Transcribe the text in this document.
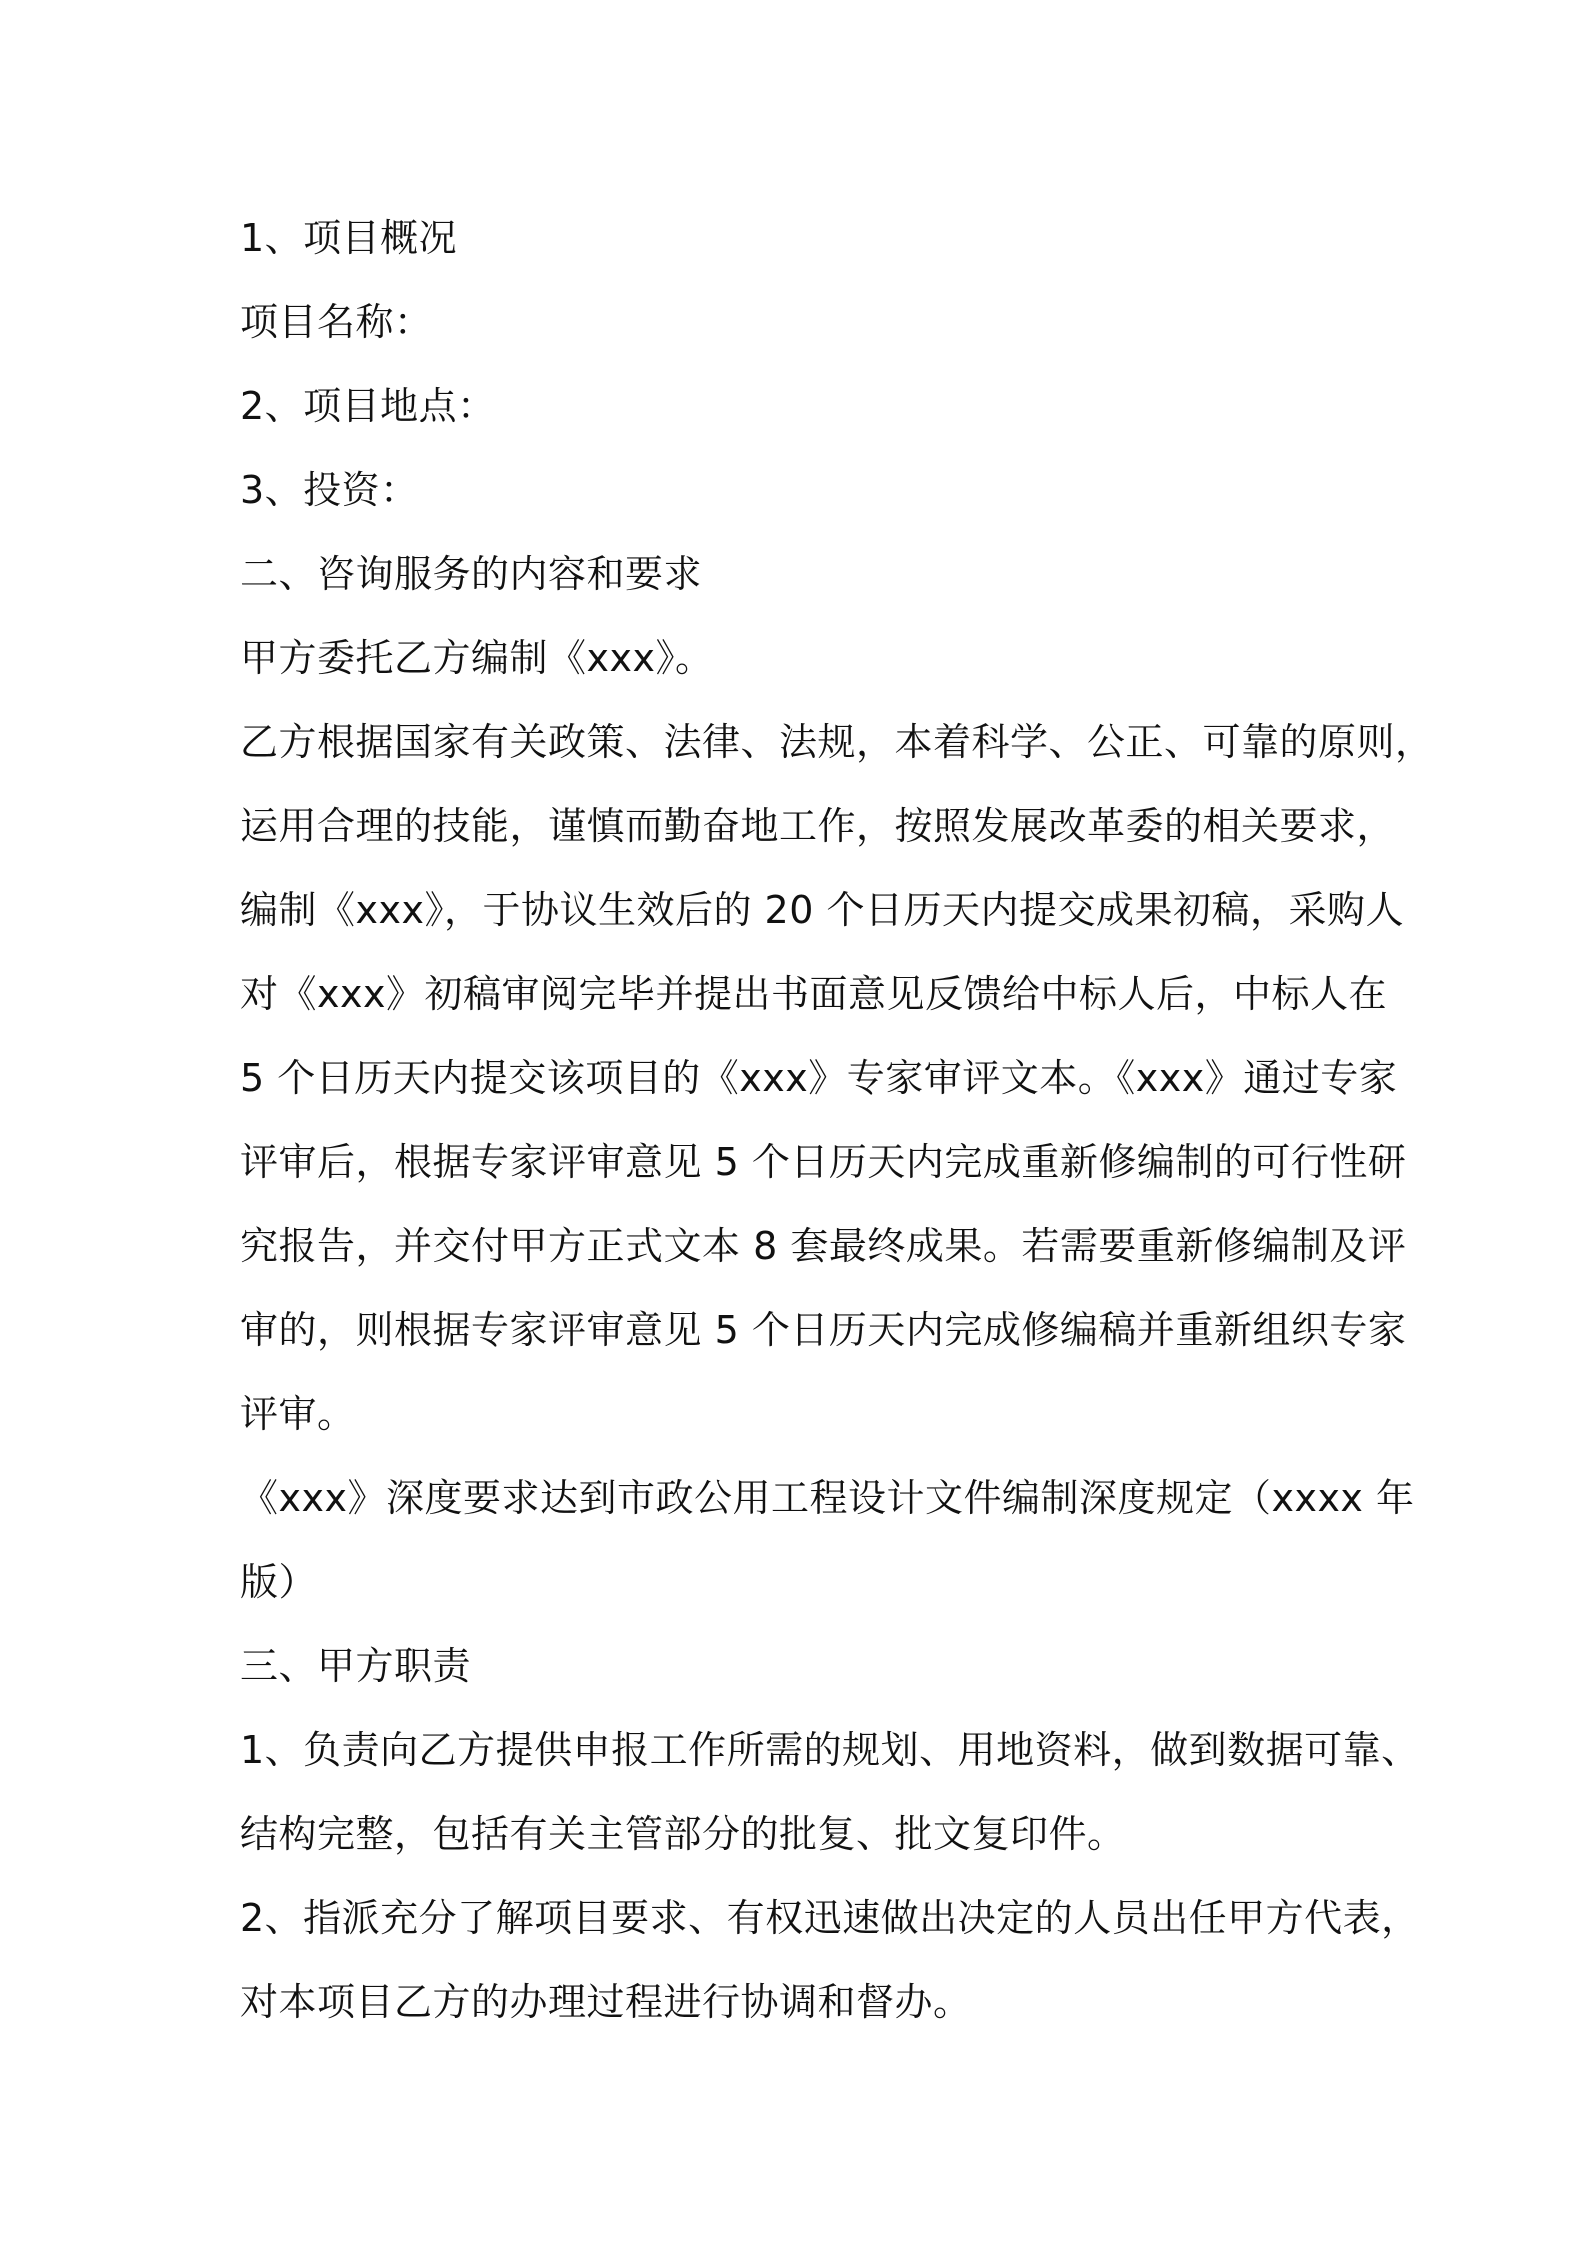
1、项目概况
项目名称：
2、项目地点：
3、投资：
二、咨询服务的内容和要求
甲方委托乙方编制《xxx》。
乙方根据国家有关政策、法律、法规，本着科学、公正、可靠的原则，
运用合理的技能，谨慎而勤奋地工作，按照发展改革委的相关要求，
编制《xxx》，于协议生效后的 20 个日历天内提交成果初稿，采购人
对《xxx》初稿审阅完毕并提出书面意见反馈给中标人后，中标人在
5 个日历天内提交该项目的《xxx》专家审评文本。《xxx》通过专家
评审后，根据专家评审意见 5 个日历天内完成重新修编制的可行性研
究报告，并交付甲方正式文本 8 套最终成果。若需要重新修编制及评
审的，则根据专家评审意见 5 个日历天内完成修编稿并重新组织专家
评审。
《xxx》深度要求达到市政公用工程设计文件编制深度规定（xxxx 年
版）
三、甲方职责
1、负责向乙方提供申报工作所需的规划、用地资料，做到数据可靠、
结构完整，包括有关主管部分的批复、批文复印件。
2、指派充分了解项目要求、有权迅速做出决定的人员出任甲方代表，
对本项目乙方的办理过程进行协调和督办。
